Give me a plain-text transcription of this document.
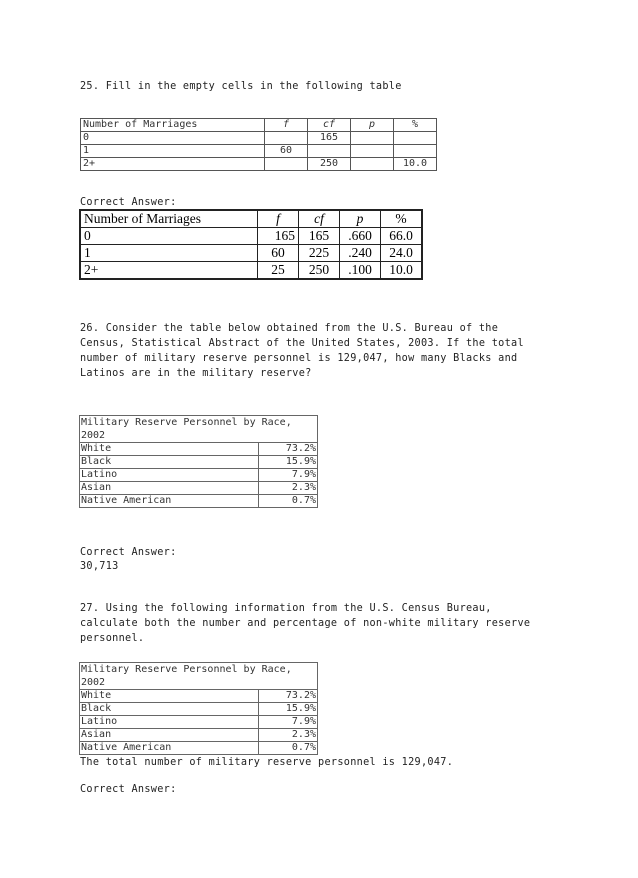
25. Fill in the empty cells in the following table
Number of Marriages	f	cf	p	%
0		165		
1	60			
2+		250		10.0
Correct Answer:
Number of Marriages	f	cf	p	%
0	165	165	.660	66.0
1	60	225	.240	24.0
2+	25	250	.100	10.0
26. Consider the table below obtained from the U.S. Bureau of the
Census, Statistical Abstract of the United States, 2003. If the total
number of military reserve personnel is 129,047, how many Blacks and
Latinos are in the military reserve?
Military Reserve Personnel by Race,
2002	
White	73.2%
Black	15.9%
Latino	7.9%
Asian	2.3%
Native American	0.7%
Correct Answer:
30,713
27. Using the following information from the U.S. Census Bureau,
calculate both the number and percentage of non-white military reserve
personnel.
Military Reserve Personnel by Race,
2002	
White	73.2%
Black	15.9%
Latino	7.9%
Asian	2.3%
Native American	0.7%
The total number of military reserve personnel is 129,047.
Correct Answer:
